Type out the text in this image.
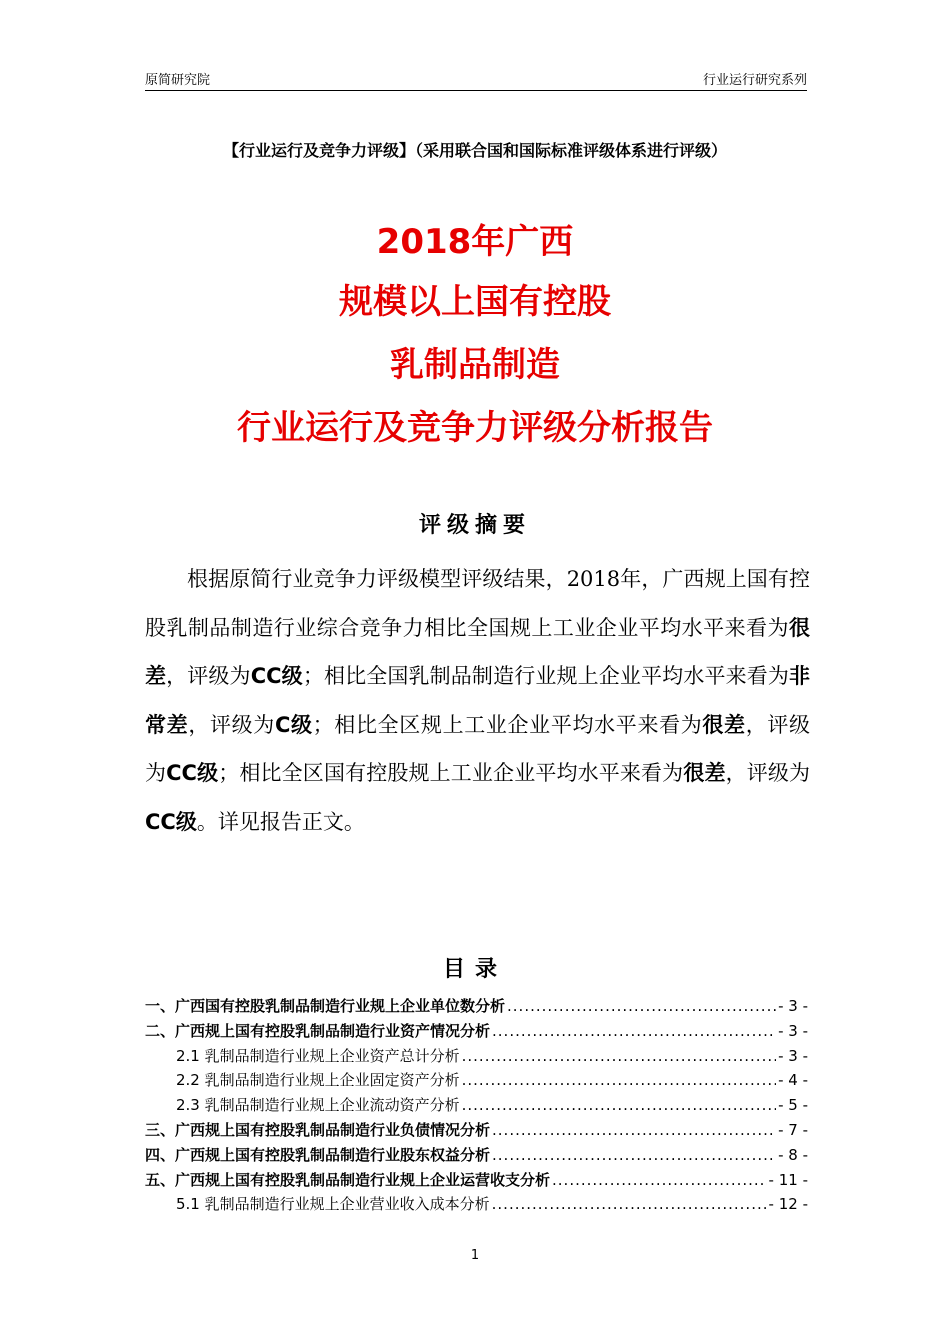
原简研究院	行业运行研究系列
【行业运行及竞争力评级】（采用联合国和国际标准评级体系进行评级）
2018年广西
规模以上国有控股
乳制品制造
行业运行及竞争力评级分析报告
评级摘要
根据原简行业竞争力评级模型评级结果，2018年，广西规上国有控股乳制品制造行业综合竞争力相比全国规上工业企业平均水平来看为很差，评级为CC级；相比全国乳制品制造行业规上企业平均水平来看为非常差，评级为C级；相比全区规上工业企业平均水平来看为很差，评级为CC级；相比全区国有控股规上工业企业平均水平来看为很差，评级为CC级。详见报告正文。
目录
一、广西国有控股乳制品制造行业规上企业单位数分析 .....	- 3 -
二、广西规上国有控股乳制品制造行业资产情况分析 .....	- 3 -
2.1 乳制品制造行业规上企业资产总计分析 .....	- 3 -
2.2 乳制品制造行业规上企业固定资产分析 .....	- 4 -
2.3 乳制品制造行业规上企业流动资产分析 .....	- 5 -
三、广西规上国有控股乳制品制造行业负债情况分析 .....	- 7 -
四、广西规上国有控股乳制品制造行业股东权益分析 .....	- 8 -
五、广西规上国有控股乳制品制造行业规上企业运营收支分析 .....	- 11 -
5.1 乳制品制造行业规上企业营业收入成本分析 .....	- 12 -
1
